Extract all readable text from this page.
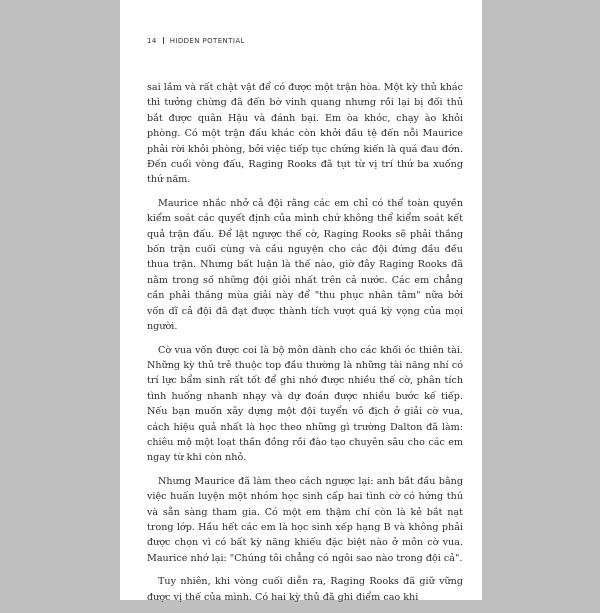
14 HIDDEN POTENTIAL

sai lầm và rất chật vật để có được một trận hòa. Một kỳ thủ khác thì tưởng chừng đã đến bờ vinh quang nhưng rồi lại bị đối thủ bắt được quân Hậu và đánh bại. Em òa khóc, chạy ào khỏi phòng. Có một trận đấu khác còn khởi đầu tệ đến nỗi Maurice phải rời khỏi phòng, bởi việc tiếp tục chứng kiến là quá đau đớn. Đến cuối vòng đấu, Raging Rooks đã tụt từ vị trí thứ ba xuống thứ năm.

Maurice nhắc nhở cả đội rằng các em chỉ có thể toàn quyền kiểm soát các quyết định của mình chứ không thể kiểm soát kết quả trận đấu. Để lật ngược thế cờ, Raging Rooks sẽ phải thắng bốn trận cuối cùng và cầu nguyện cho các đội đứng đầu đều thua trận. Nhưng bất luận là thế nào, giờ đây Raging Rooks đã nằm trong số những đội giỏi nhất trên cả nước. Các em chẳng cần phải thắng mùa giải này để "thu phục nhân tâm" nữa bởi vốn dĩ cả đội đã đạt được thành tích vượt quá kỳ vọng của mọi người.

Cờ vua vốn được coi là bộ môn dành cho các khối óc thiên tài. Những kỳ thủ trẻ thuộc top đầu thường là những tài năng nhí có trí lực bẩm sinh rất tốt để ghi nhớ được nhiều thế cờ, phân tích tình huống nhanh nhạy và dự đoán được nhiều bước kế tiếp. Nếu bạn muốn xây dựng một đội tuyển vô địch ở giải cờ vua, cách hiệu quả nhất là học theo những gì trường Dalton đã làm: chiêu mộ một loạt thần đồng rồi đào tạo chuyên sâu cho các em ngay từ khi còn nhỏ.

Nhưng Maurice đã làm theo cách ngược lại: anh bắt đầu bằng việc huấn luyện một nhóm học sinh cấp hai tình cờ có hứng thú và sẵn sàng tham gia. Có một em thậm chí còn là kẻ bắt nạt trong lớp. Hầu hết các em là học sinh xếp hạng B và không phải được chọn vì có bất kỳ năng khiếu đặc biệt nào ở môn cờ vua. Maurice nhớ lại: "Chúng tôi chẳng có ngôi sao nào trong đội cả".

Tuy nhiên, khi vòng cuối diễn ra, Raging Rooks đã giữ vững được vị thế của mình. Có hai kỳ thủ đã ghi điểm cao khi
